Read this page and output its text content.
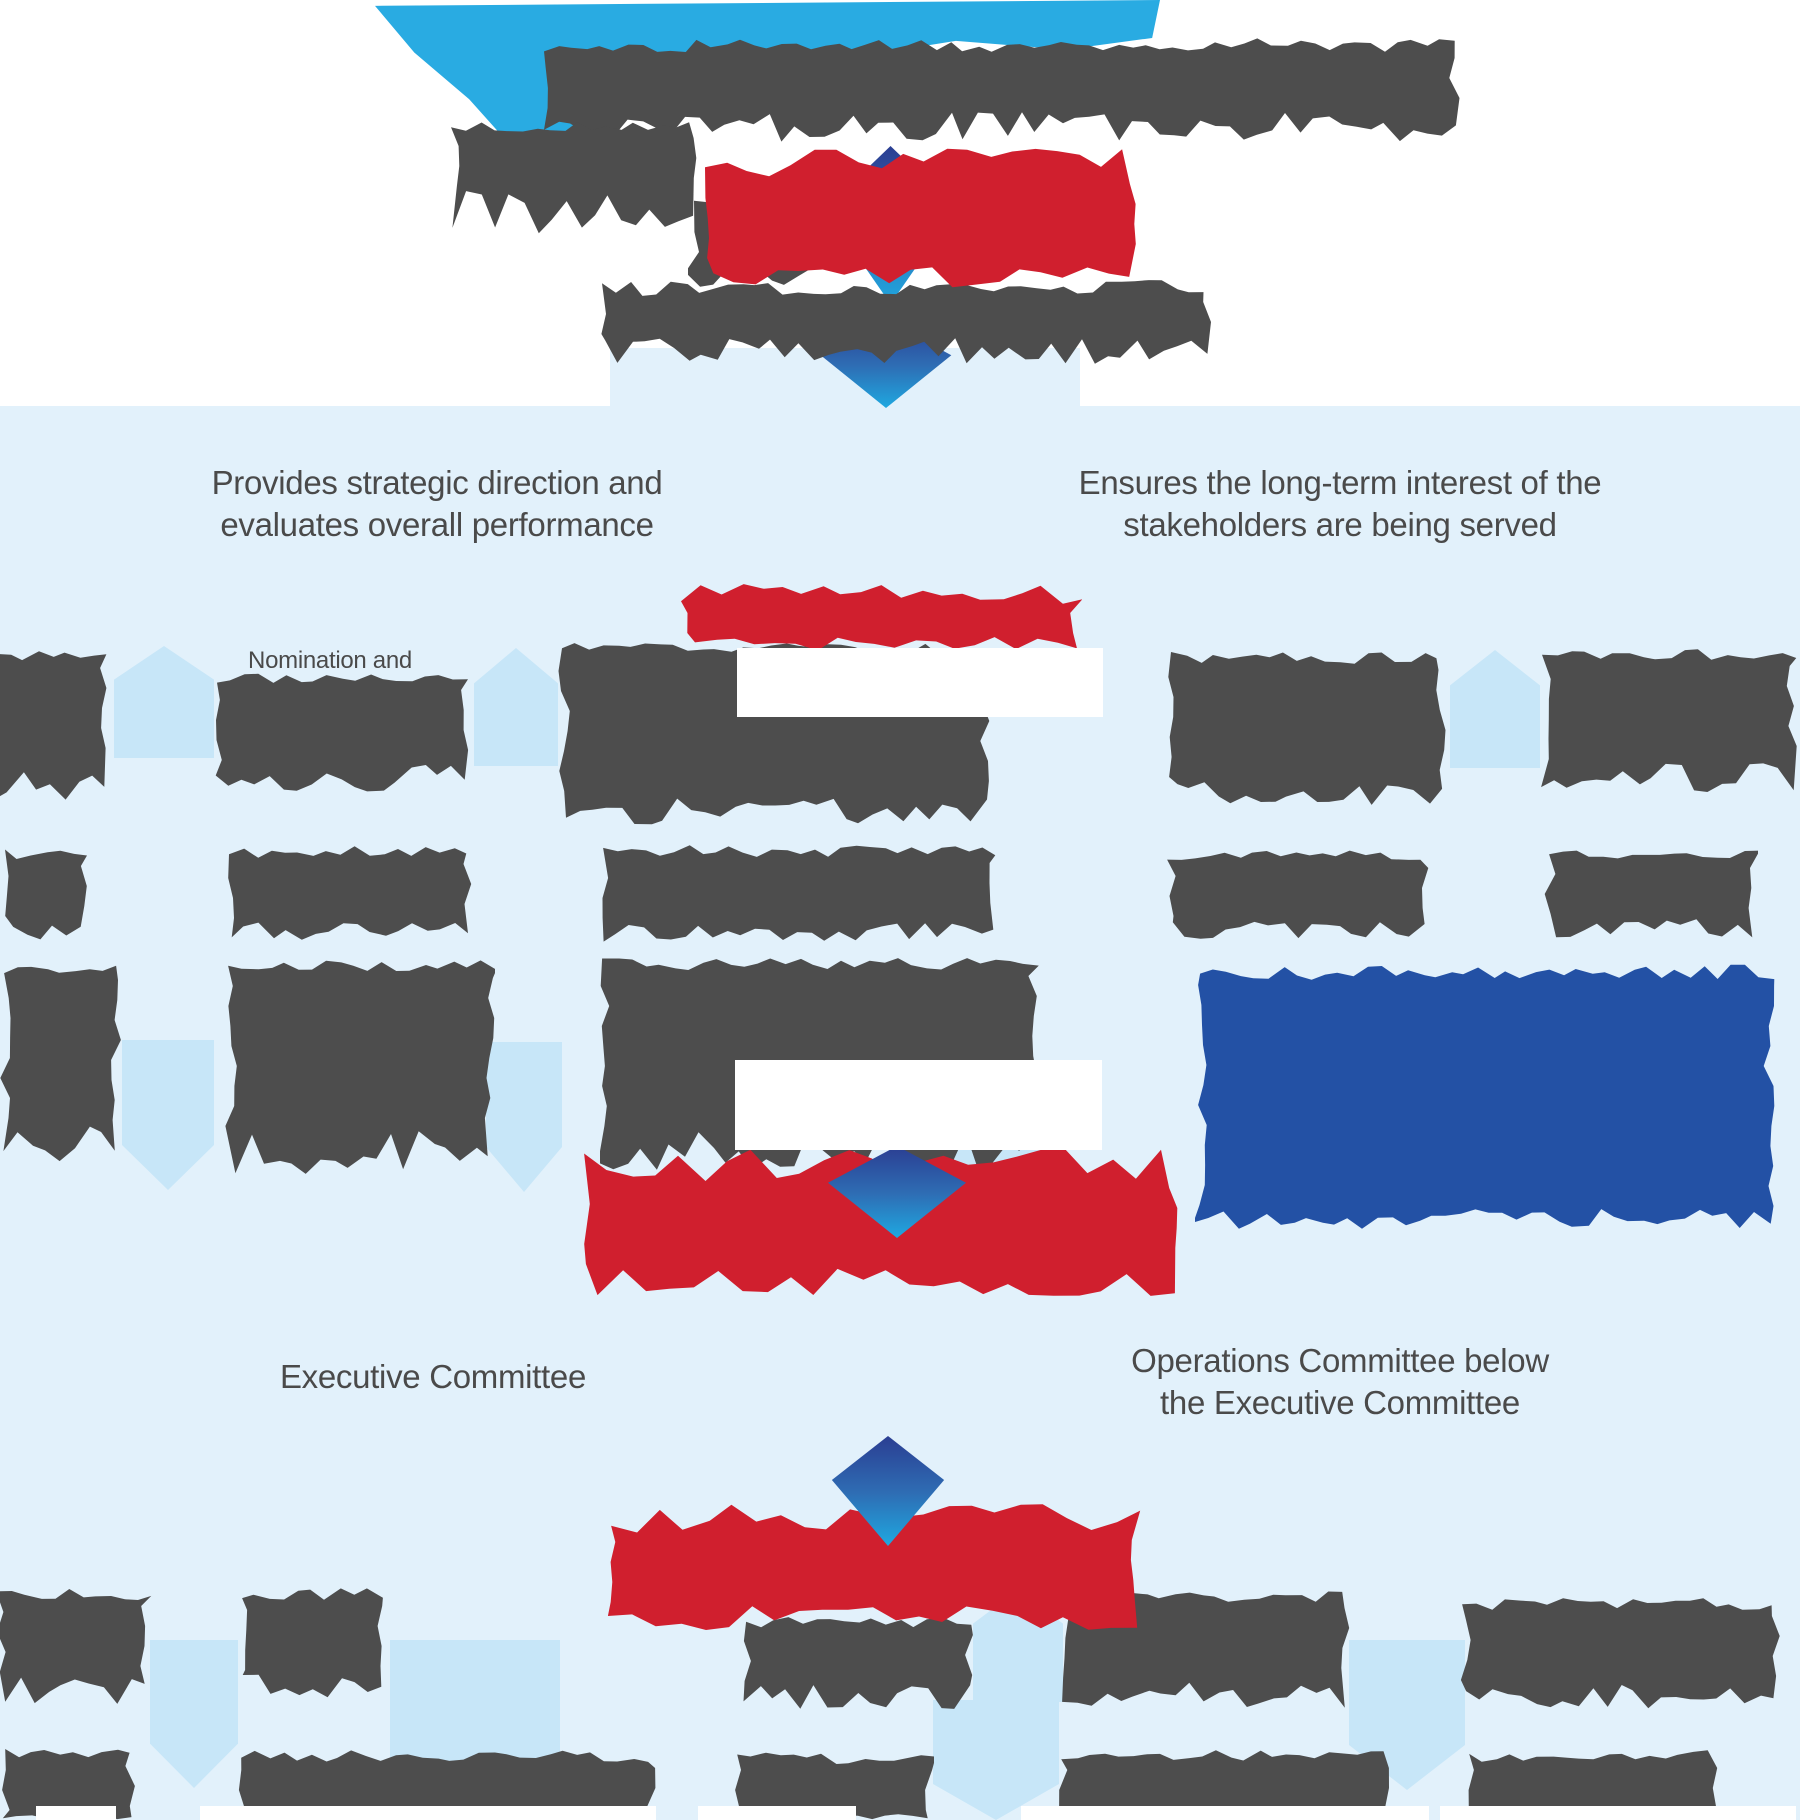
Provides strategic direction and
evaluates overall performance
Ensures the long-term interest of the
stakeholders are being served
Nomination and
Executive Committee	Operations Committee below
the Executive Committee
